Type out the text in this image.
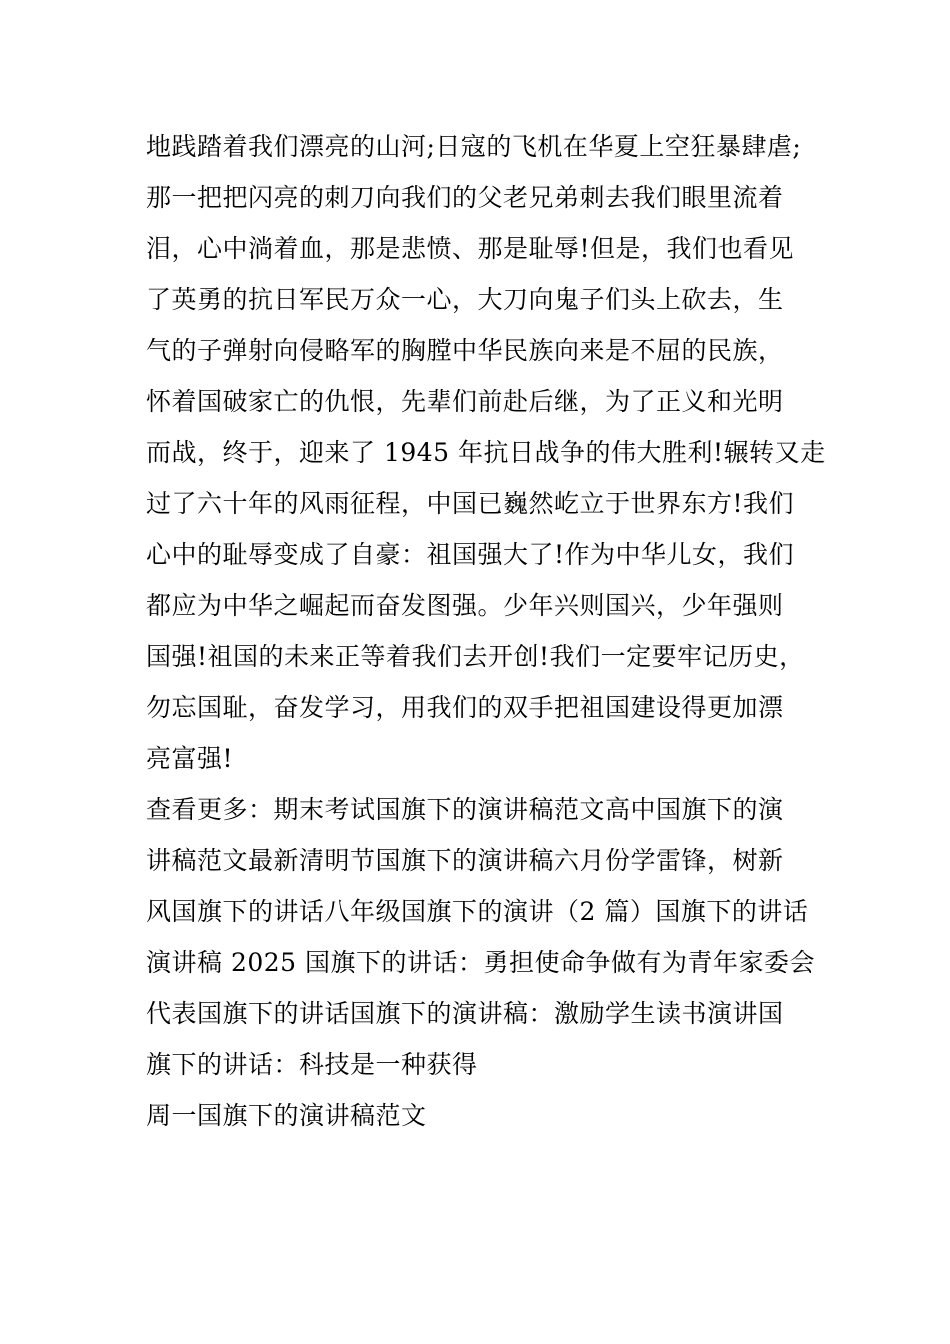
地践踏着我们漂亮的山河;日寇的飞机在华夏上空狂暴肆虐;
那一把把闪亮的刺刀向我们的父老兄弟刺去我们眼里流着
泪，心中淌着血，那是悲愤、那是耻辱!但是，我们也看见
了英勇的抗日军民万众一心，大刀向鬼子们头上砍去，生
气的子弹射向侵略军的胸膛中华民族向来是不屈的民族，
怀着国破家亡的仇恨，先辈们前赴后继，为了正义和光明
而战，终于，迎来了 1945 年抗日战争的伟大胜利!辗转又走
过了六十年的风雨征程，中国已巍然屹立于世界东方!我们
心中的耻辱变成了自豪：祖国强大了!作为中华儿女，我们
都应为中华之崛起而奋发图强。少年兴则国兴，少年强则
国强!祖国的未来正等着我们去开创!我们一定要牢记历史，
勿忘国耻，奋发学习，用我们的双手把祖国建设得更加漂
亮富强!
查看更多：期末考试国旗下的演讲稿范文高中国旗下的演
讲稿范文最新清明节国旗下的演讲稿六月份学雷锋，树新
风国旗下的讲话八年级国旗下的演讲（2 篇）国旗下的讲话
演讲稿 2025 国旗下的讲话：勇担使命争做有为青年家委会
代表国旗下的讲话国旗下的演讲稿：激励学生读书演讲国
旗下的讲话：科技是一种获得
周一国旗下的演讲稿范文
